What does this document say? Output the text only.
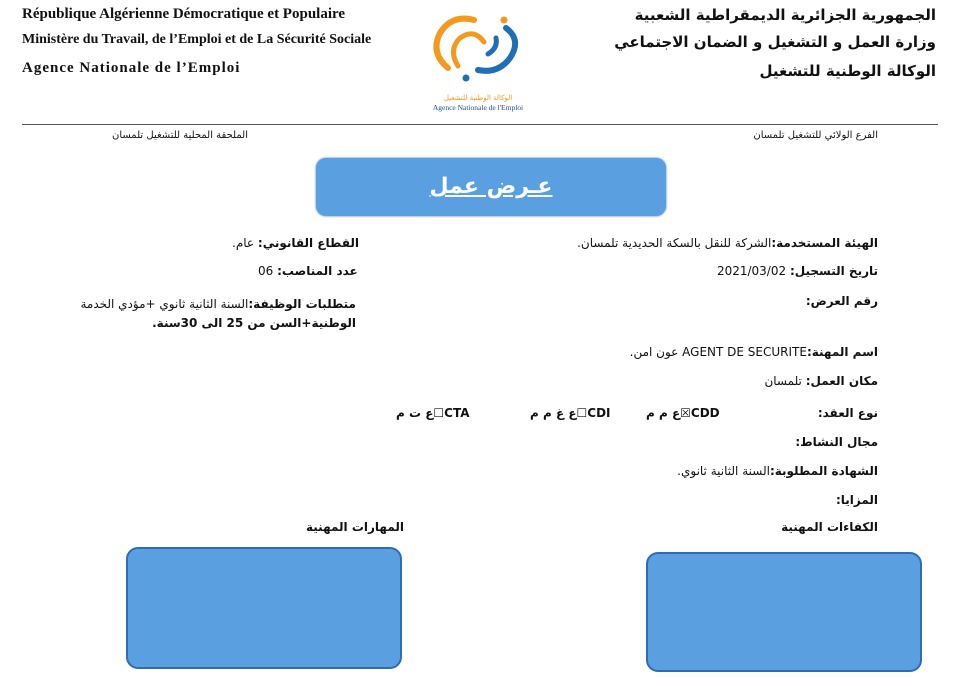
République Algérienne Démocratique et Populaire
Ministère du Travail, de l’Emploi et de La Sécurité Sociale
Agence Nationale de l’Emploi
الجمهورية الجزائرية الديمقراطية الشعبية
وزارة العمل و التشغيل و الضمان الاجتماعي
الوكالة الوطنية للتشغيل
الوكالة الوطنية للتشغيل
Agence Nationale de l'Emploi
الفرع الولائي للتشغيل تلمسان
الملحقة المحلية للتشغيل تلمسان
عـرض عمل
الهيئة المستخدمة:الشركة للنقل بالسكة الحديدية تلمسان.
تاريخ التسجيل: 2021/03/02
رقم العرض:
اسم المهنة:AGENT DE SECURITE عون امن.
مكان العمل: تلمسان
نوع العقد:
CDD☒ع م م
CDI☐ع غ م م
CTA☐ع ت م
مجال النشاط:
الشهادة المطلوبة:السنة الثانية ثانوي.
المزايا:
الكفاءات المهنية
القطاع القانوني: عام.
عدد المناصب: 06
متطلبات الوظيفة:السنة الثانية ثانوي +مؤدي الخدمة
الوطنية+السن من 25 الى 30سنة.
المهارات المهنية
